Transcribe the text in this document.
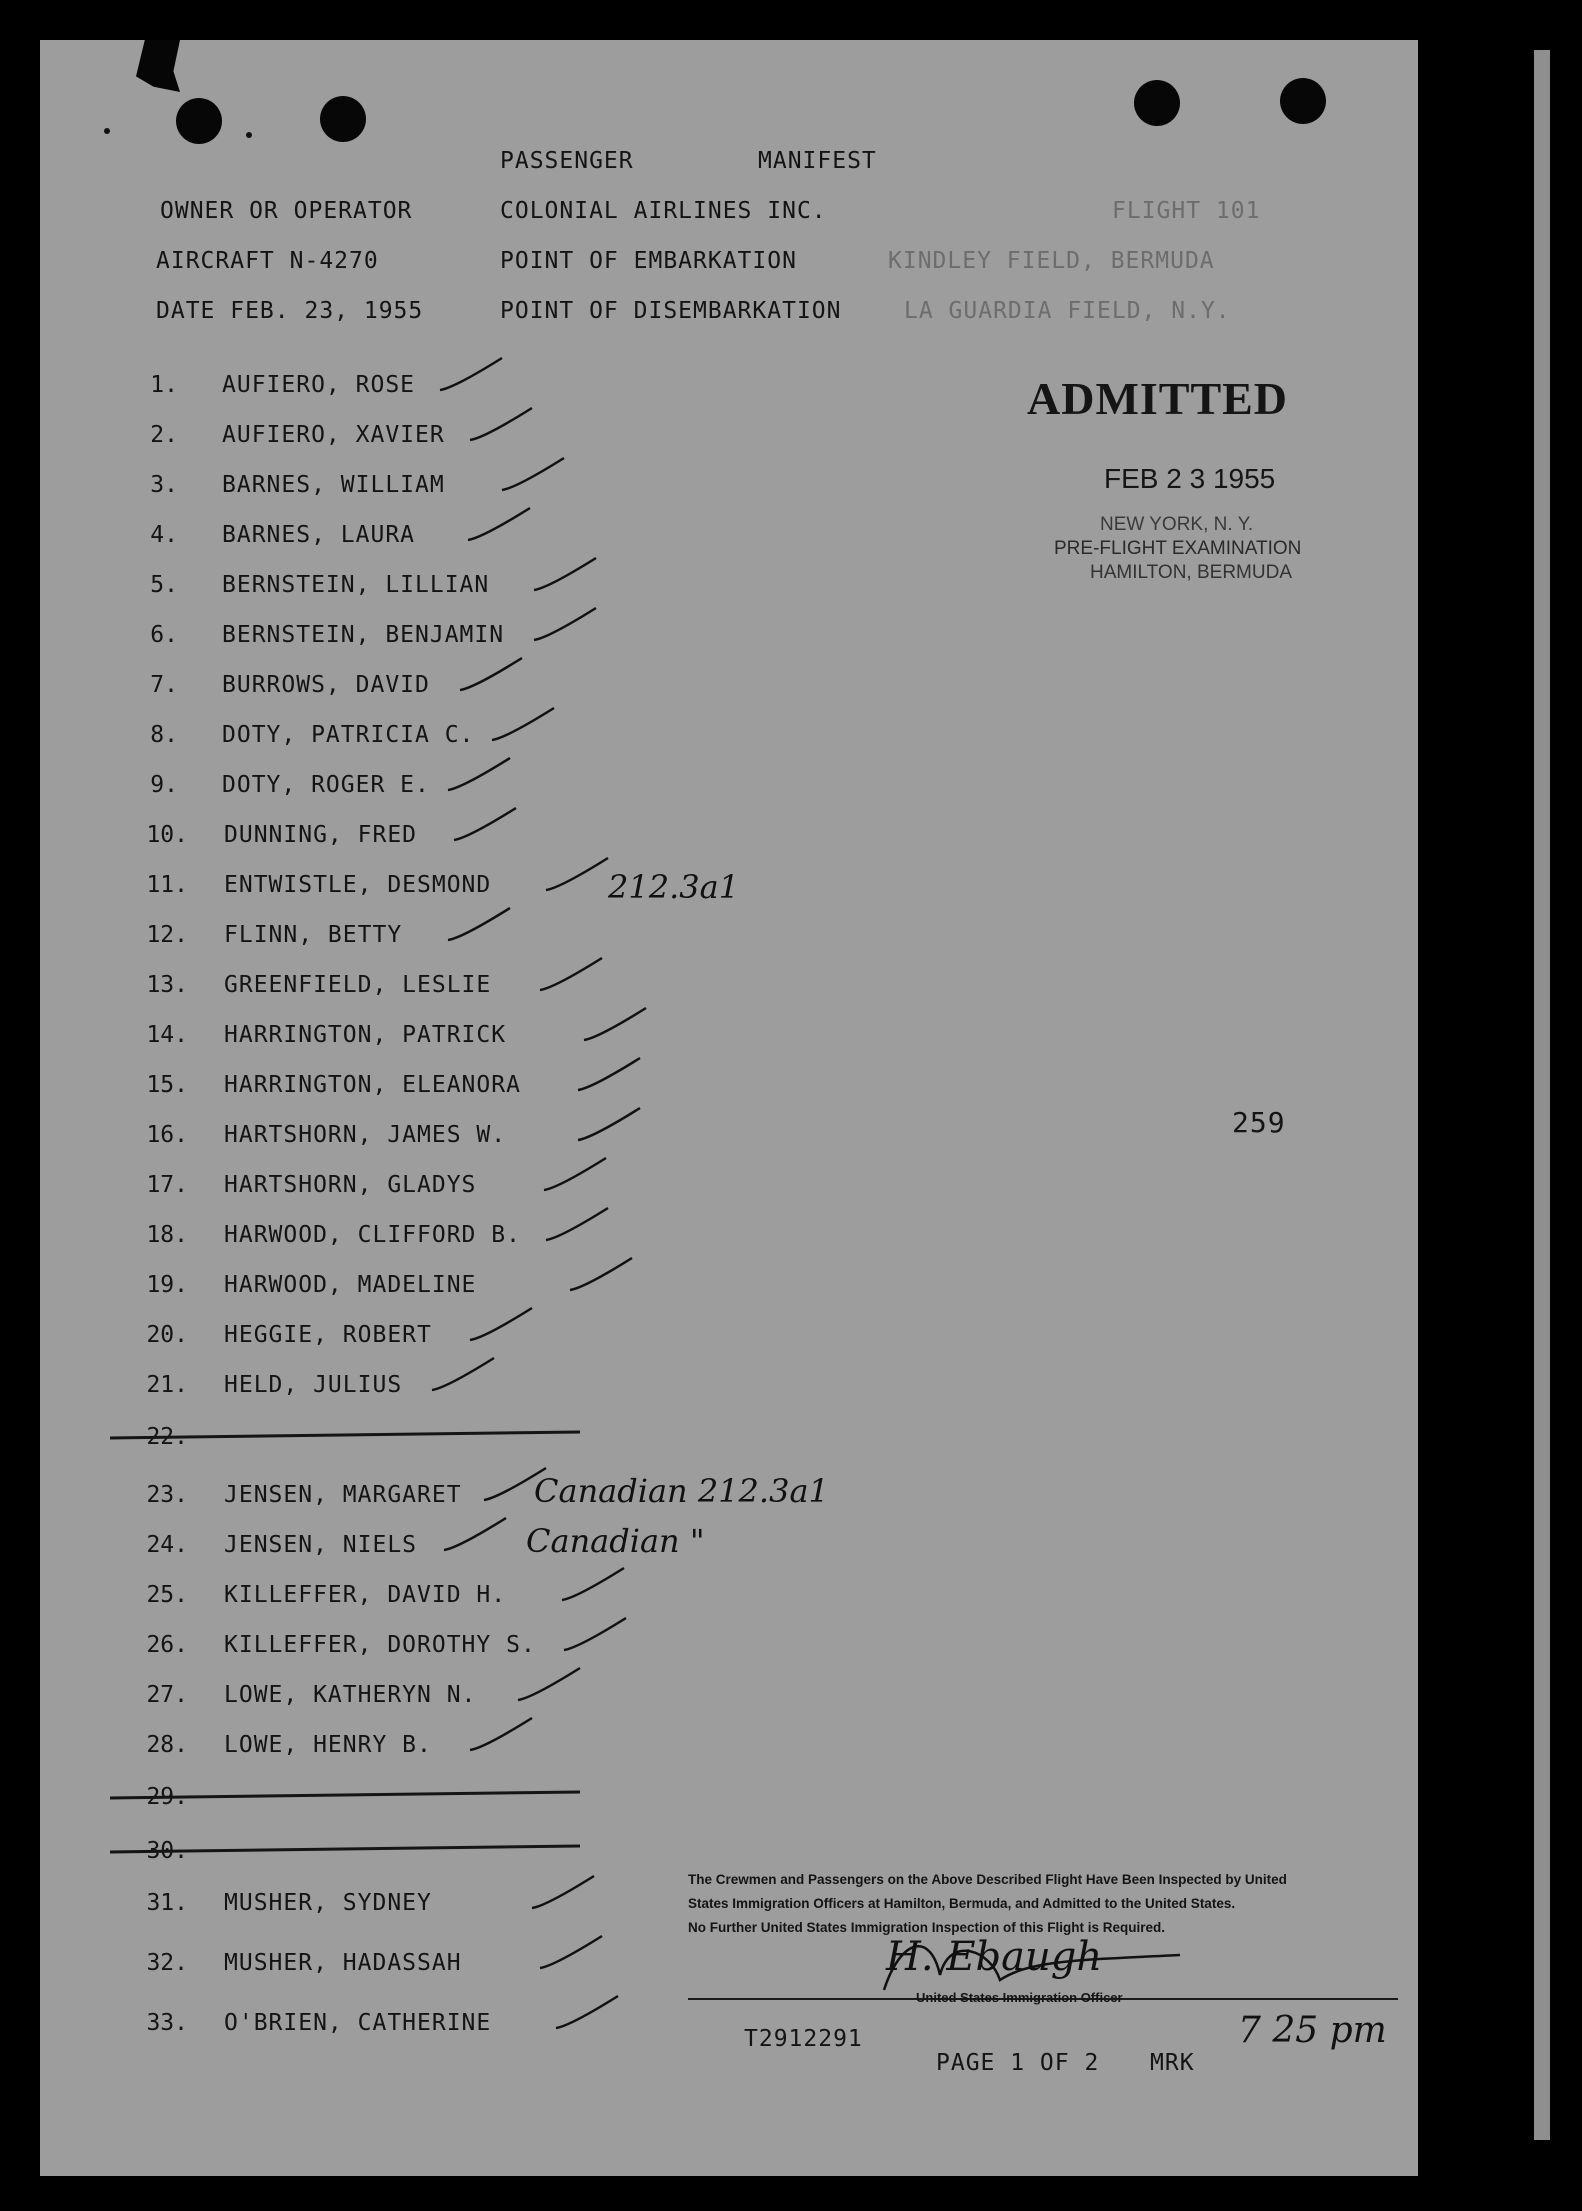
PASSENGER	MANIFEST
OWNER OR OPERATOR	COLONIAL AIRLINES INC.	FLIGHT 101
AIRCRAFT N-4270	POINT OF EMBARKATION	KINDLEY FIELD, BERMUDA
DATE FEB. 23, 1955	POINT OF DISEMBARKATION	LA GUARDIA FIELD, N.Y.
ADMITTED
FEB 2 3 1955
NEW YORK, N. Y.
PRE-FLIGHT EXAMINATION
HAMILTON, BERMUDA
1. AUFIERO, ROSE
2. AUFIERO, XAVIER
3. BARNES, WILLIAM
4. BARNES, LAURA
5. BERNSTEIN, LILLIAN
6. BERNSTEIN, BENJAMIN
7. BURROWS, DAVID
8. DOTY, PATRICIA C.
9. DOTY, ROGER E.
10. DUNNING, FRED
11. ENTWISTLE, DESMOND
12. FLINN, BETTY
13. GREENFIELD, LESLIE
14. HARRINGTON, PATRICK
15. HARRINGTON, ELEANORA
16. HARTSHORN, JAMES W.
17. HARTSHORN, GLADYS
18. HARWOOD, CLIFFORD B.
19. HARWOOD, MADELINE
20. HEGGIE, ROBERT
21. HELD, JULIUS
22.
23. JENSEN, MARGARET
24. JENSEN, NIELS
25. KILLEFFER, DAVID H.
26. KILLEFFER, DOROTHY S.
27. LOWE, KATHERYN N.
28. LOWE, HENRY B.
29.
30.
31. MUSHER, SYDNEY
32. MUSHER, HADASSAH
33. O'BRIEN, CATHERINE
212.3a1
Canadian 212.3a1
Canadian "
259
7 25 pm
The Crewmen and Passengers on the Above Described Flight Have Been Inspected by United
States Immigration Officers at Hamilton, Bermuda, and Admitted to the United States.
No Further United States Immigration Inspection of this Flight is Required.
H. Ebaugh
United States Immigration Officer
T2912291
PAGE 1 OF 2 MRK
